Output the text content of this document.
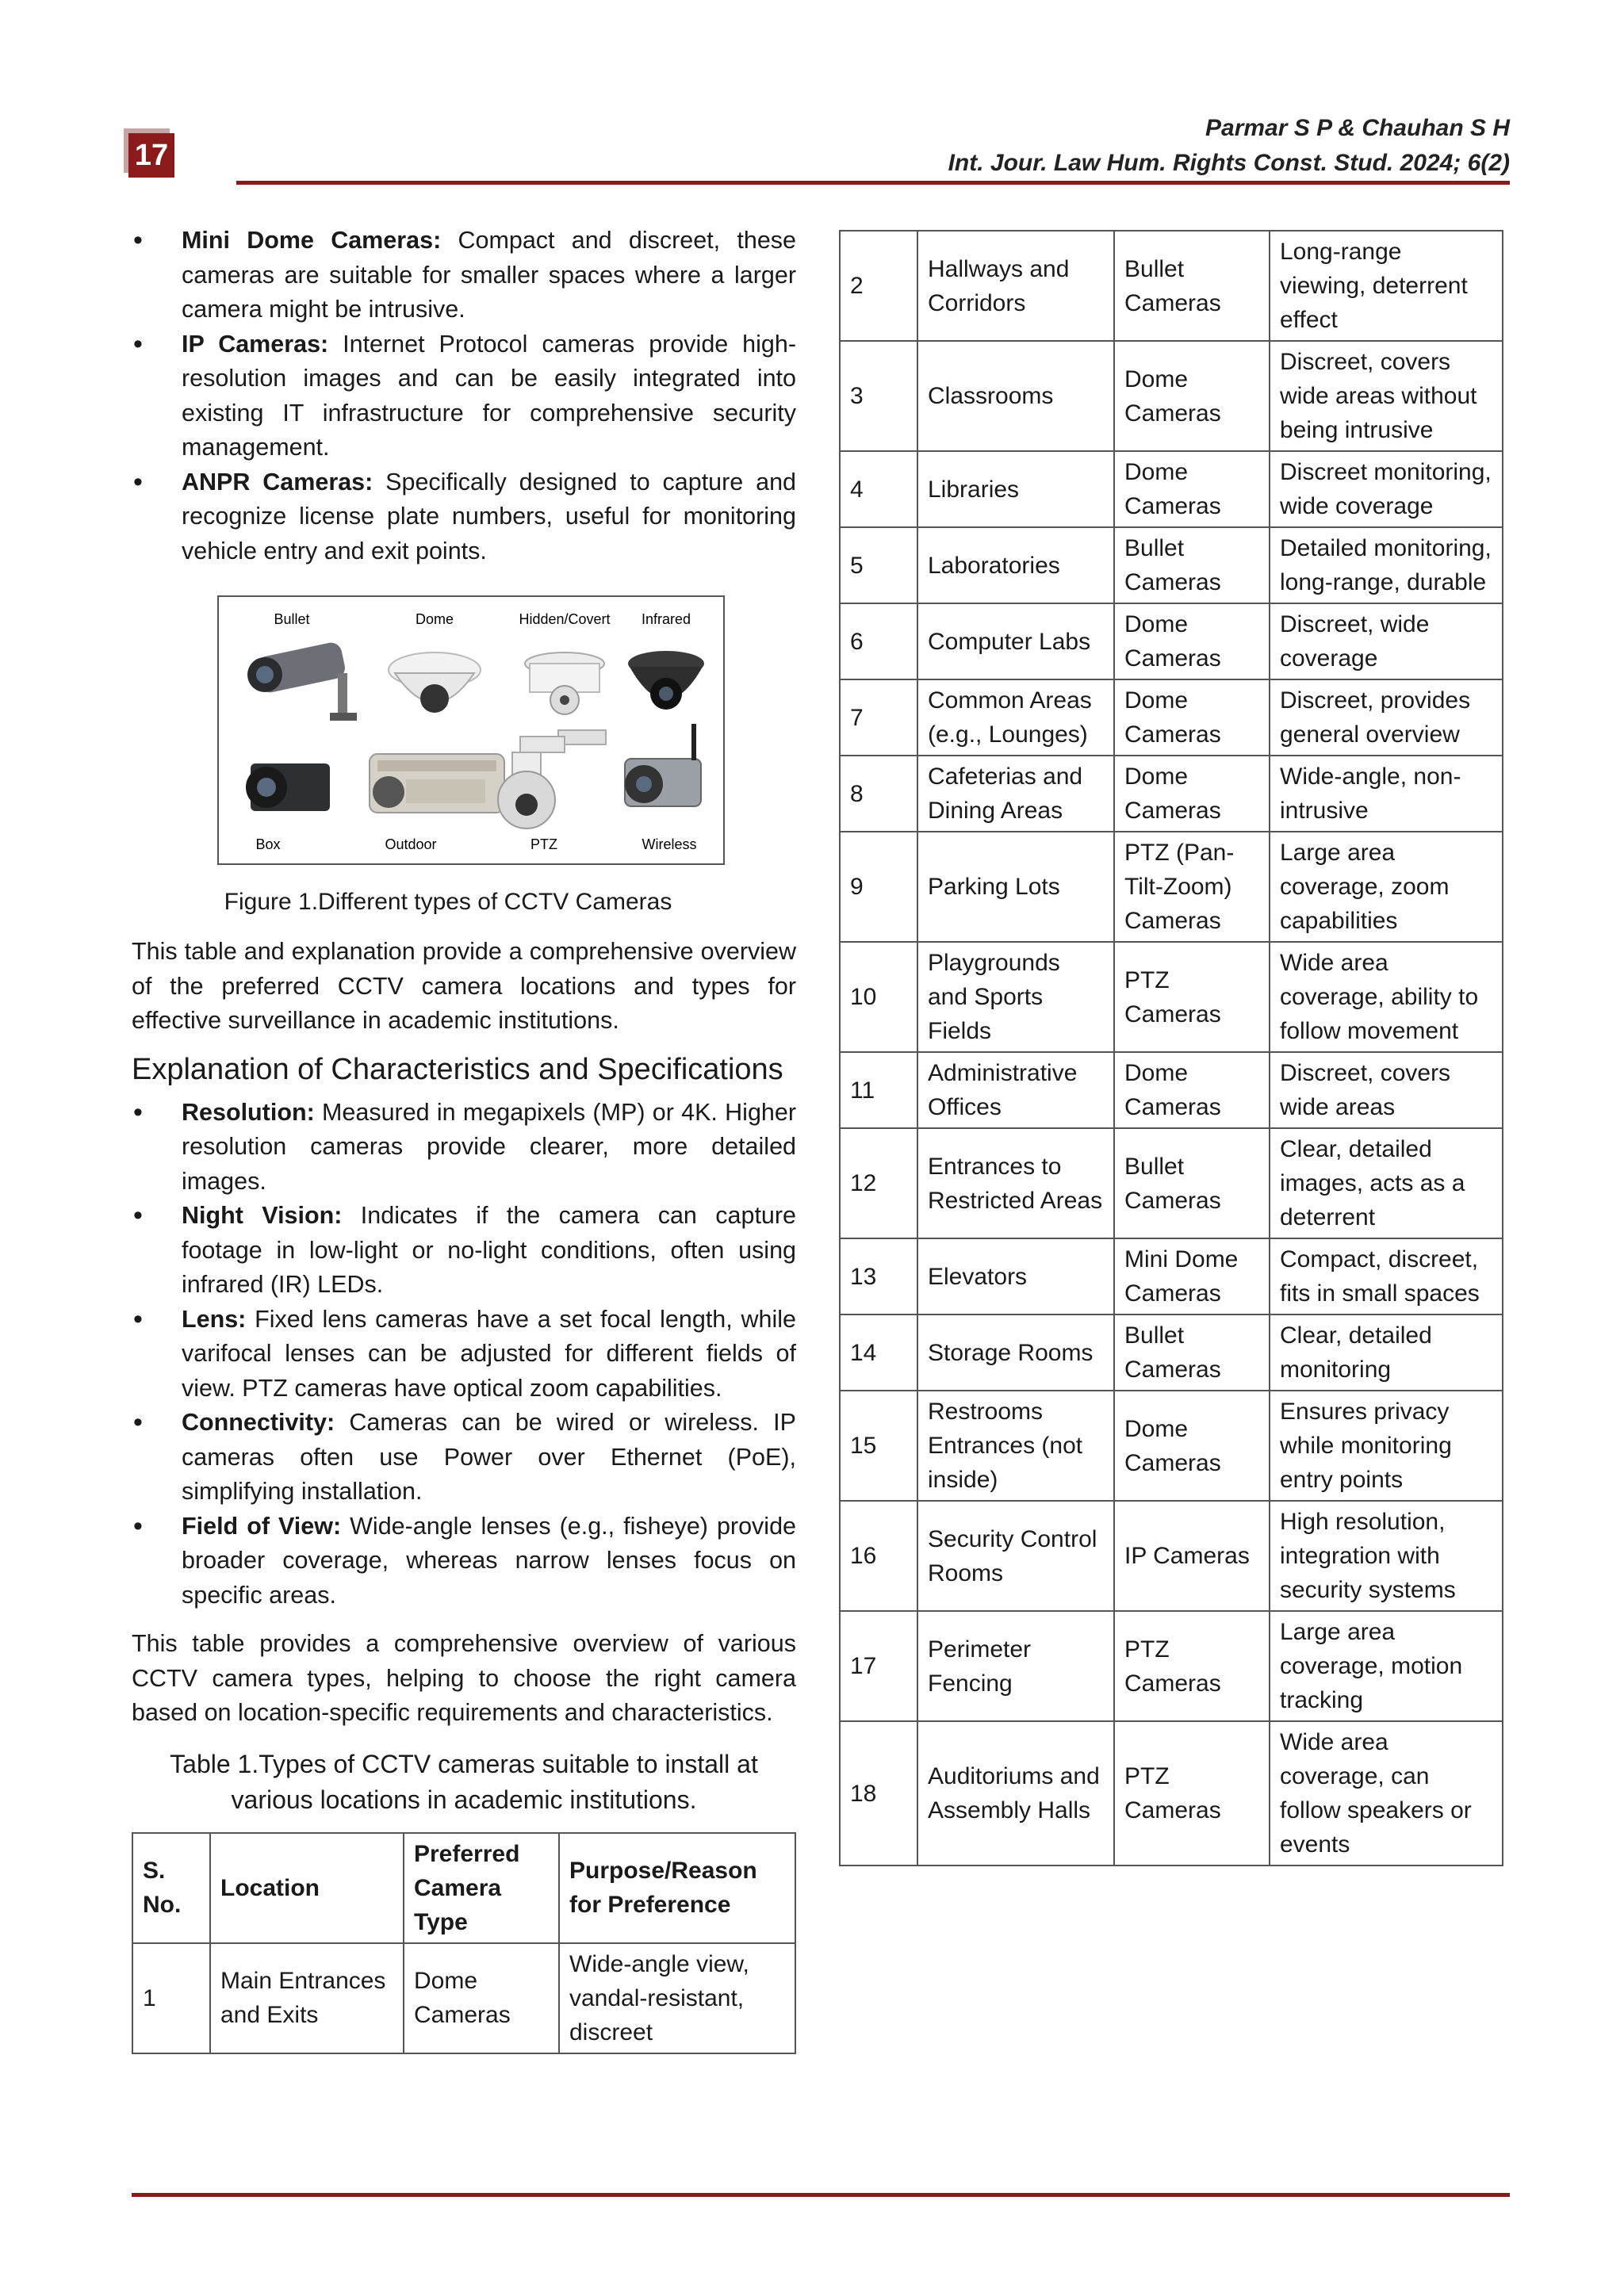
17
Parmar S P & Chauhan S H
Int. Jour. Law Hum. Rights Const. Stud. 2024; 6(2)
• Mini Dome Cameras: Compact and discreet, these cameras are suitable for smaller spaces where a larger camera might be intrusive.
• IP Cameras: Internet Protocol cameras provide high-resolution images and can be easily integrated into existing IT infrastructure for comprehensive security management.
• ANPR Cameras: Specifically designed to capture and recognize license plate numbers, useful for monitoring vehicle entry and exit points.
Bullet	Dome	Hidden/Covert Infrared
Box	Outdoor	PTZ	Wireless
Figure 1.Different types of CCTV Cameras

This table and explanation provide a comprehensive overview of the preferred CCTV camera locations and types for effective surveillance in academic institutions.

Explanation of Characteristics and Specifications
• Resolution: Measured in megapixels (MP) or 4K. Higher resolution cameras provide clearer, more detailed images.
• Night Vision: Indicates if the camera can capture footage in low-light or no-light conditions, often using infrared (IR) LEDs.
• Lens: Fixed lens cameras have a set focal length, while varifocal lenses can be adjusted for different fields of view. PTZ cameras have optical zoom capabilities.
• Connectivity: Cameras can be wired or wireless. IP cameras often use Power over Ethernet (PoE), simplifying installation.
• Field of View: Wide-angle lenses (e.g., fisheye) provide broader coverage, whereas narrow lenses focus on specific areas.

This table provides a comprehensive overview of various CCTV camera types, helping to choose the right camera based on location-specific requirements and characteristics.

Table 1.Types of CCTV cameras suitable to install at various locations in academic institutions.
S. No.	Location	Preferred Camera Type	Purpose/Reason for Preference
1	Main Entrances and Exits	Dome Cameras	Wide-angle view, vandal-resistant, discreet
2	Hallways and Corridors	Bullet Cameras	Long-range viewing, deterrent effect
3	Classrooms	Dome Cameras	Discreet, covers wide areas without being intrusive
4	Libraries	Dome Cameras	Discreet monitoring, wide coverage
5	Laboratories	Bullet Cameras	Detailed monitoring, long-range, durable
6	Computer Labs	Dome Cameras	Discreet, wide coverage
7	Common Areas (e.g., Lounges)	Dome Cameras	Discreet, provides general overview
8	Cafeterias and Dining Areas	Dome Cameras	Wide-angle, non-intrusive
9	Parking Lots	PTZ (Pan-Tilt-Zoom) Cameras	Large area coverage, zoom capabilities
10	Playgrounds and Sports Fields	PTZ Cameras	Wide area coverage, ability to follow movement
11	Administrative Offices	Dome Cameras	Discreet, covers wide areas
12	Entrances to Restricted Areas	Bullet Cameras	Clear, detailed images, acts as a deterrent
13	Elevators	Mini Dome Cameras	Compact, discreet, fits in small spaces
14	Storage Rooms	Bullet Cameras	Clear, detailed monitoring
15	Restrooms Entrances (not inside)	Dome Cameras	Ensures privacy while monitoring entry points
16	Security Control Rooms	IP Cameras	High resolution, integration with security systems
17	Perimeter Fencing	PTZ Cameras	Large area coverage, motion tracking
18	Auditoriums and Assembly Halls	PTZ Cameras	Wide area coverage, can follow speakers or events
